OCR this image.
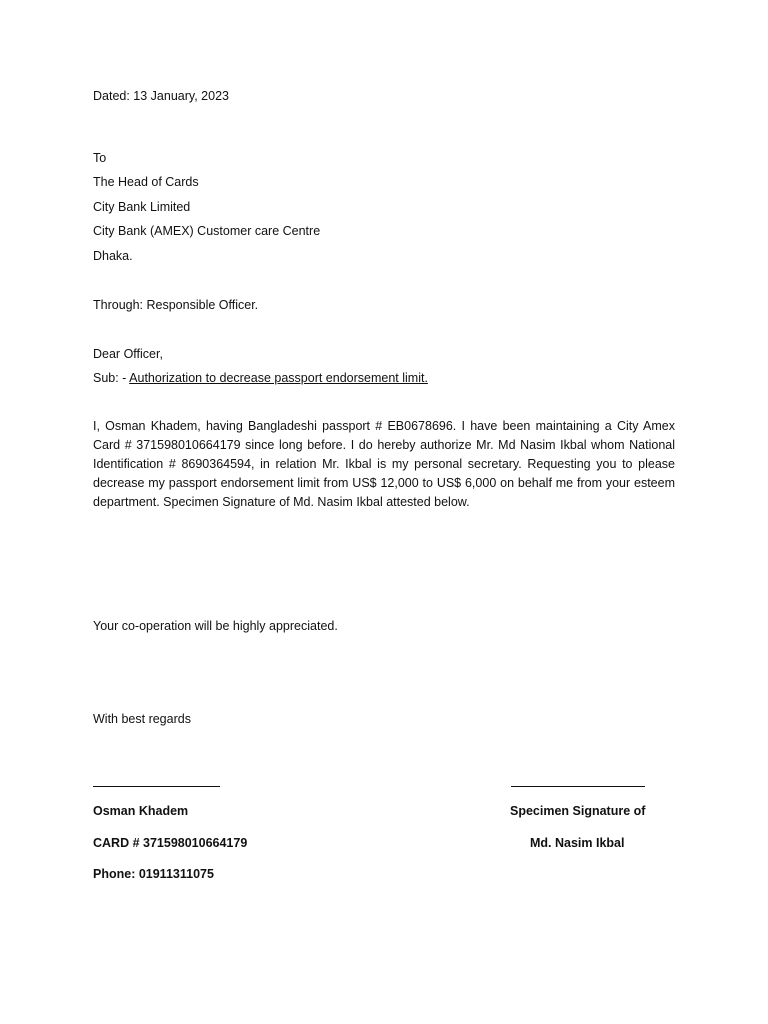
Dated: 13 January, 2023
To
The Head of Cards
City Bank Limited
City Bank (AMEX) Customer care Centre
Dhaka.
Through: Responsible Officer.
Dear Officer,
Sub: - Authorization to decrease passport endorsement limit.
I, Osman Khadem, having Bangladeshi passport # EB0678696. I have been maintaining a City Amex Card # 371598010664179 since long before. I do hereby authorize Mr. Md Nasim Ikbal whom National Identification # 8690364594, in relation Mr. Ikbal is my personal secretary. Requesting you to please decrease my passport endorsement limit from US$ 12,000 to US$ 6,000 on behalf me from your esteem department. Specimen Signature of Md. Nasim Ikbal attested below.
Your co-operation will be highly appreciated.
With best regards
Osman Khadem
CARD # 371598010664179
Phone: 01911311075
Specimen Signature of
Md. Nasim Ikbal
